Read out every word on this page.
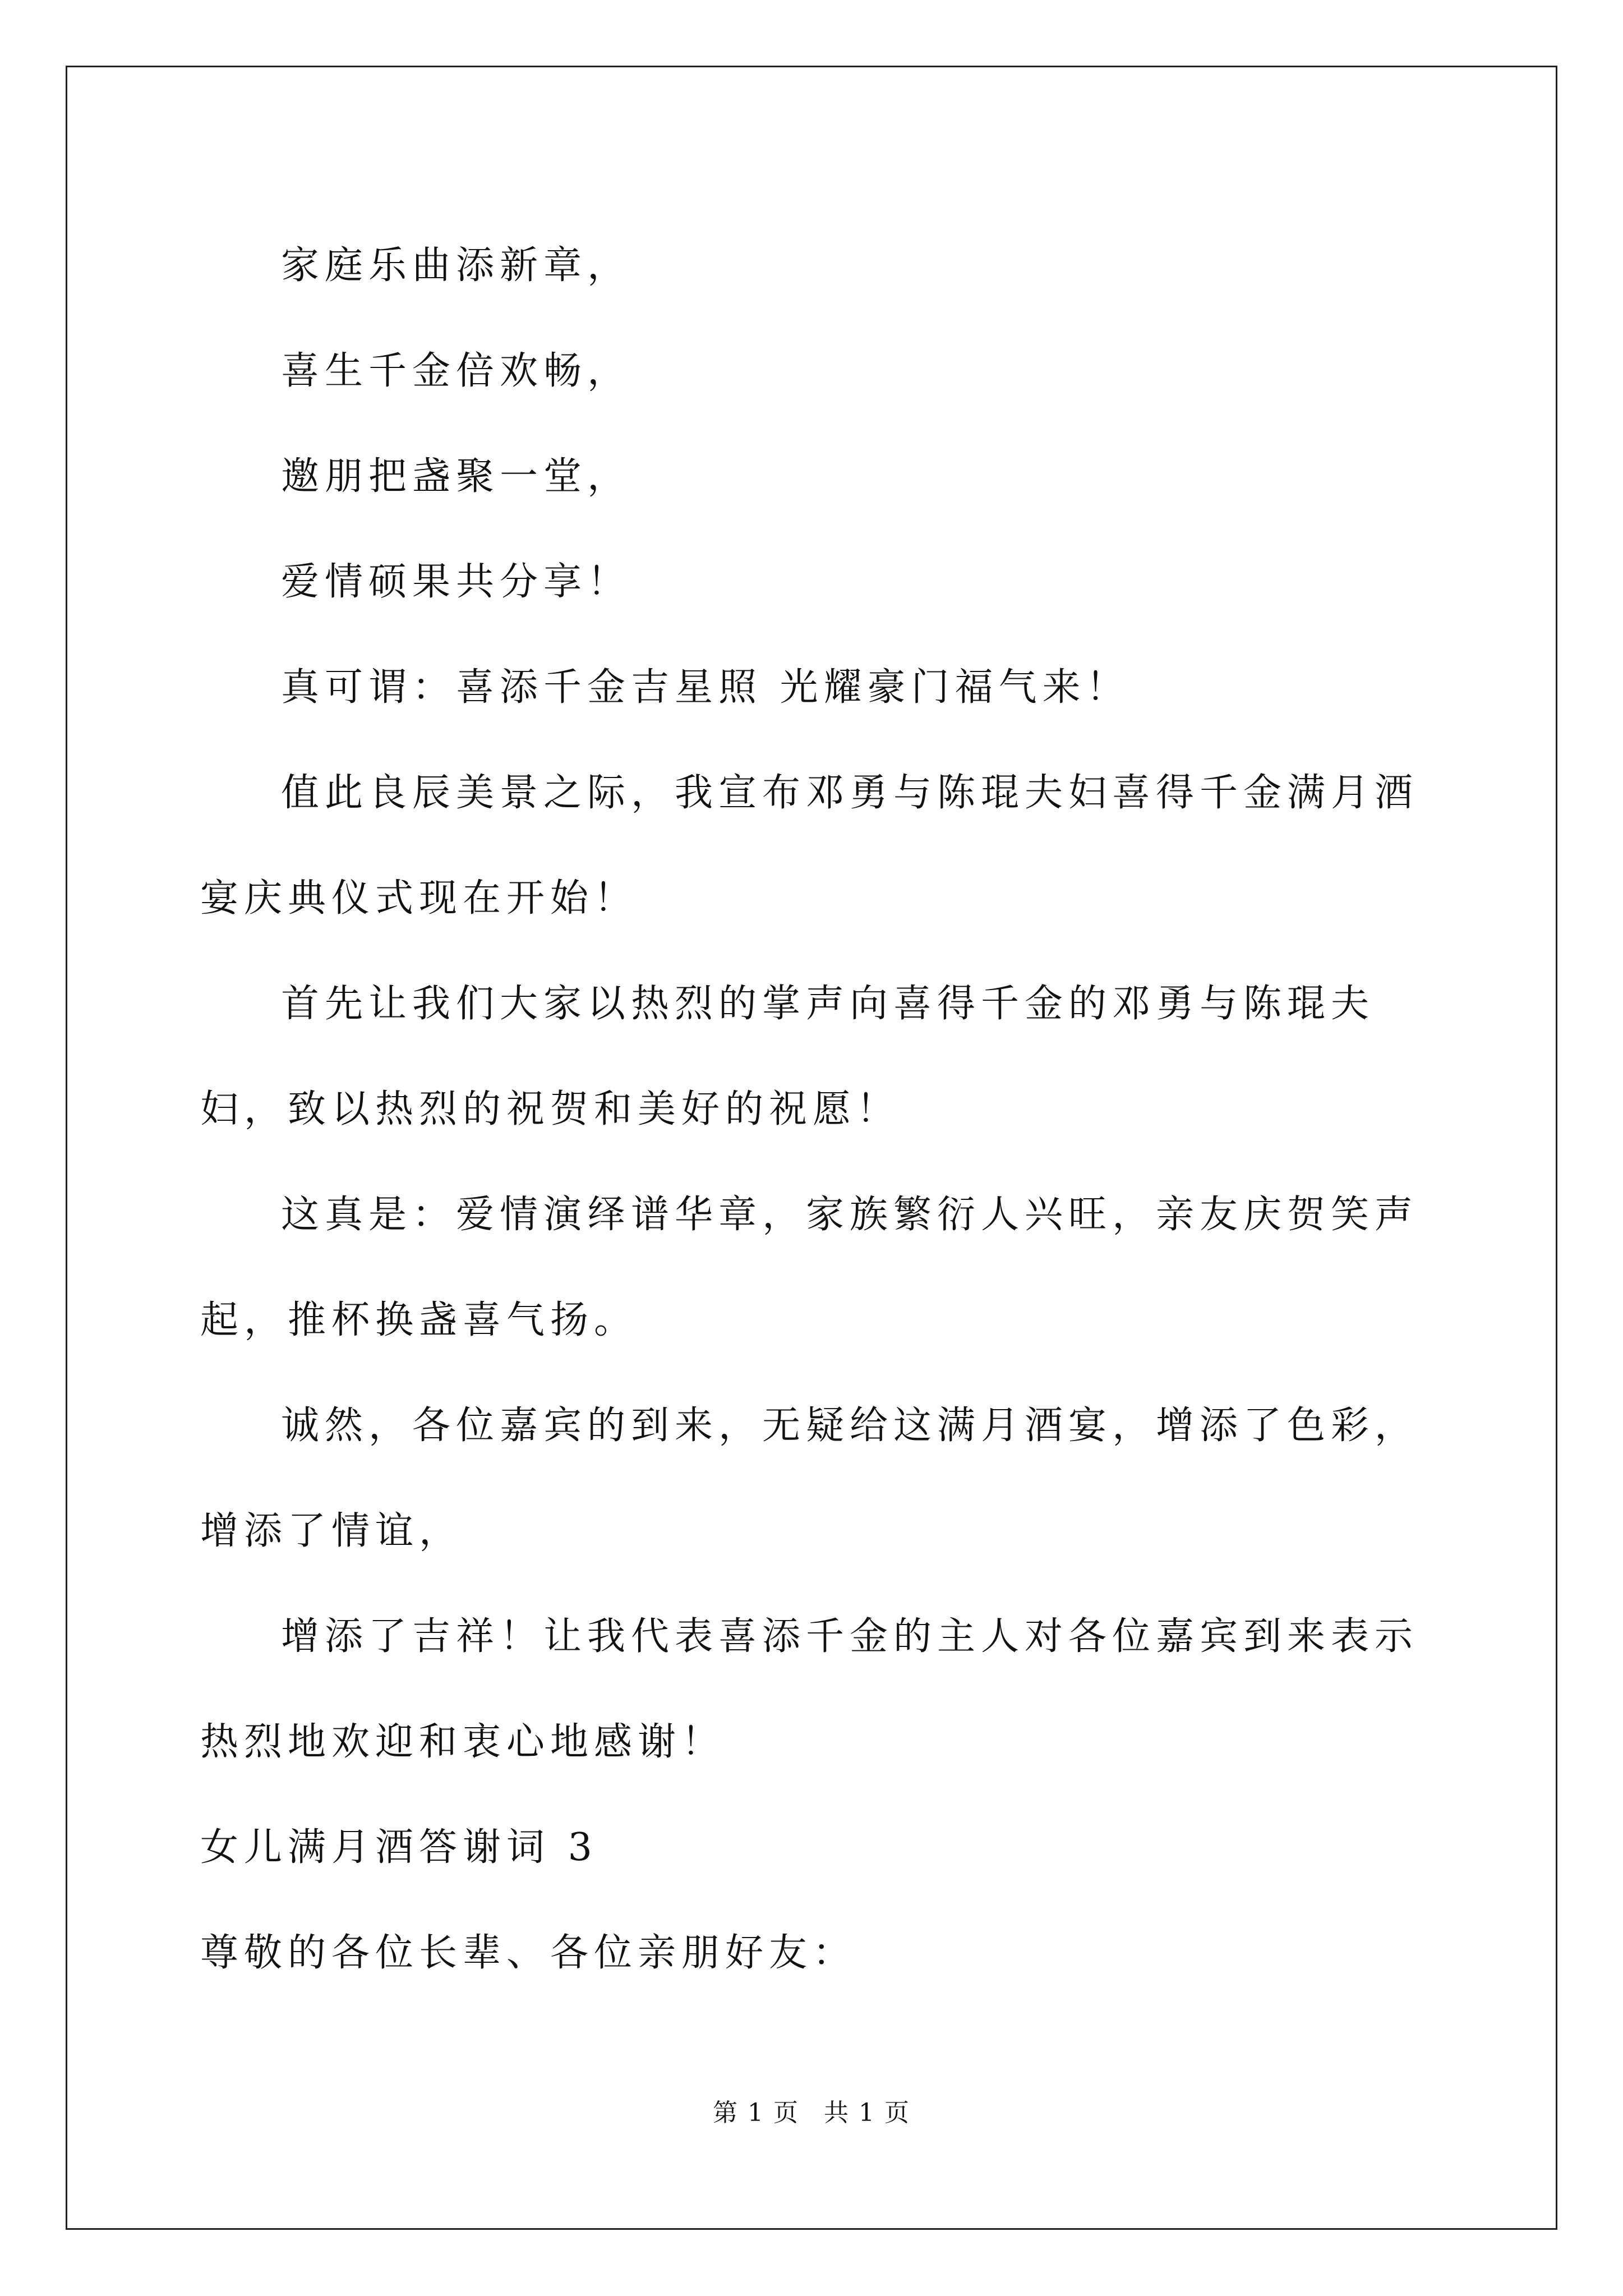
家庭乐曲添新章，

喜生千金倍欢畅，

邀朋把盏聚一堂，

爱情硕果共分享！

真可谓：喜添千金吉星照 光耀豪门福气来！

值此良辰美景之际，我宣布邓勇与陈琨夫妇喜得千金满月酒宴庆典仪式现在开始！

首先让我们大家以热烈的掌声向喜得千金的邓勇与陈琨夫妇，致以热烈的祝贺和美好的祝愿！

这真是：爱情演绎谱华章，家族繁衍人兴旺，亲友庆贺笑声起，推杯换盏喜气扬。

诚然，各位嘉宾的到来，无疑给这满月酒宴，增添了色彩，增添了情谊，

增添了吉祥！让我代表喜添千金的主人对各位嘉宾到来表示热烈地欢迎和衷心地感谢！

女儿满月酒答谢词 3

尊敬的各位长辈、各位亲朋好友：

第 1 页 共 1 页
